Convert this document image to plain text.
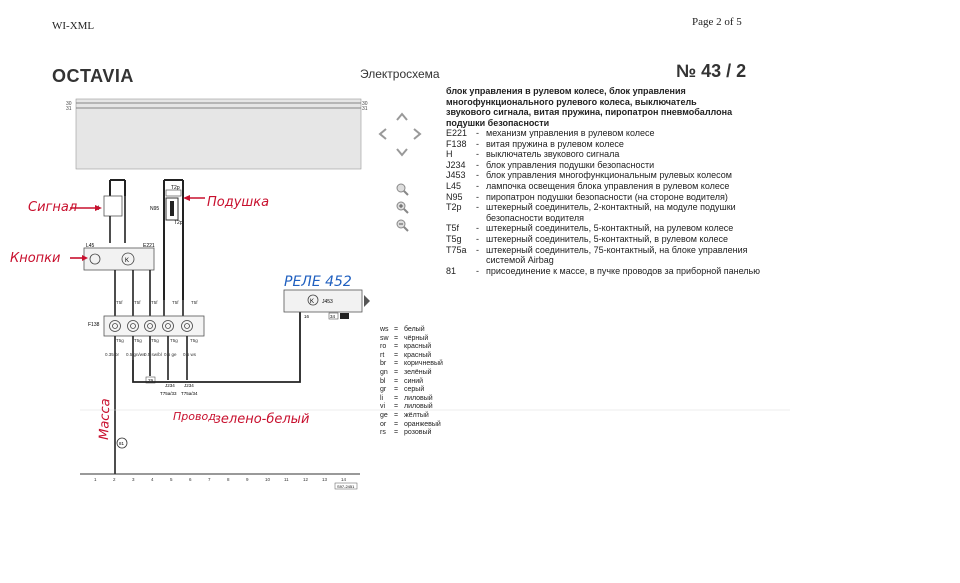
WI-XML	Page 2 of 5
OCTAVIA	Электросхема	№ 43 / 2
блок управления в рулевом колесе, блок управления многофункционального рулевого колеса, выключатель звукового сигнала, витая пружина, пиропатрон пневмобаллона подушки безопасности
E221 - механизм управления в рулевом колесе
F138	- витая пружина в рулевом колесе
H	- выключатель звукового сигнала
J234	- блок управления подушки безопасности
J453	- блок управления многофункциональным рулевых колесом
L45	- лампочка освещения блока управления в рулевом колесе
N95	- пиропатрон подушки безопасности (на стороне водителя)
T2p	- штекерный соединитель, 2-контактный, на модуле подушки безопасности водителя
T5f	- штекерный соединитель, 5-контактный, на рулевом колесе
T5g	- штекерный соединитель, 5-контактный, в рулевом колесе
T75a	- штекерный соединитель, 75-контактный, на блоке управления системой Airbag
81	- присоединение к массе, в пучке проводов за приборной панелью
ws = белый
sw = чёрный
ro	= красный
rt	= красный
br	= коричневый
gn = зелёный
bl	= синий
gr	= серый
li	= лиловый
vi	= лиловый
ge = жёлтый
or	= оранжевый
rs	= розовый
30
31
30
31
T2p
N95
T2p
L45	E221
K
T5f	T5f T5f	T5f	T5f
F138
T5g T5g T5g T5g	T5g
0.35 br 0.5 gn/ws
0.5 sw/bl 0.5 ge 0.5 ws
29
J234 J234
T75a/33 T75a/34
K J453
16	34
81
1	2	3	4	5	6	7	8	9	10	11	12	13	14
S97-2451
Сигнал	Подушка
Кнопки
Провод
зелено-белый
Масса
РЕЛЕ 452
